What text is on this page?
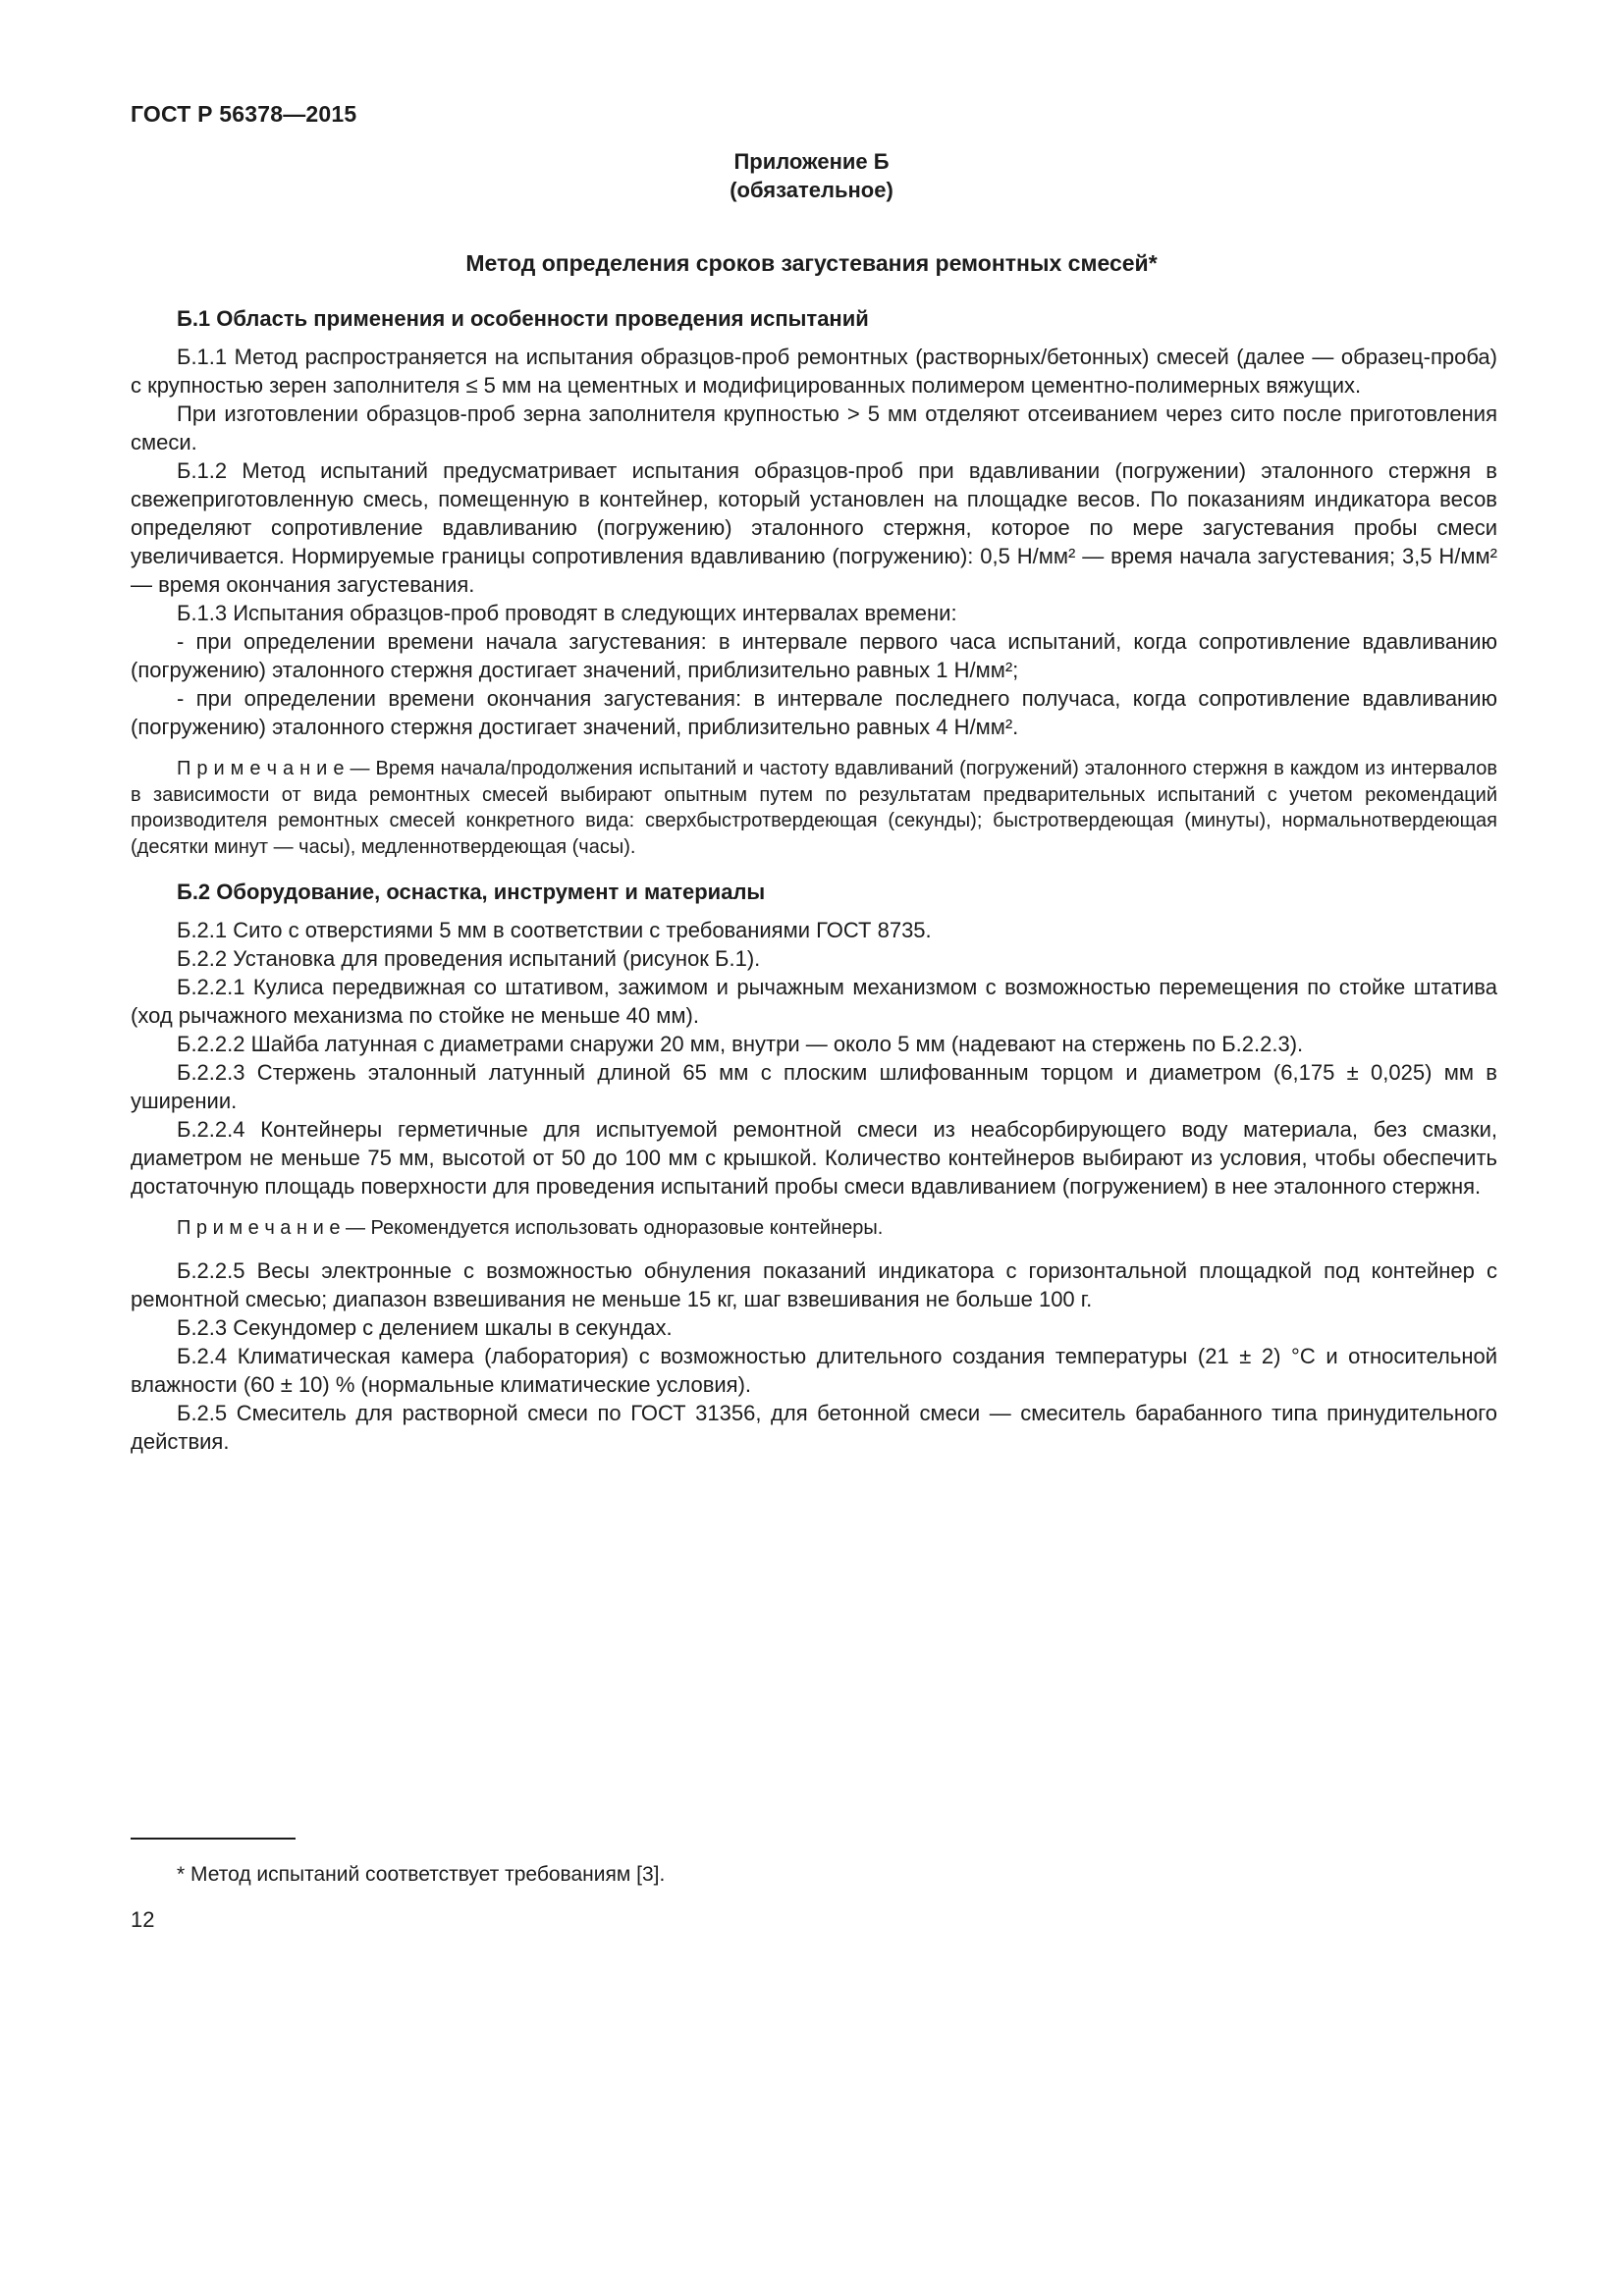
ГОСТ Р 56378—2015
Приложение Б
(обязательное)
Метод определения сроков загустевания ремонтных смесей*

Б.1 Область применения и особенности проведения испытаний

Б.1.1 Метод распространяется на испытания образцов-проб ремонтных (растворных/бетонных) смесей (далее — образец-проба) с крупностью зерен заполнителя ≤ 5 мм на цементных и модифицированных полимером цементно-полимерных вяжущих.

При изготовлении образцов-проб зерна заполнителя крупностью > 5 мм отделяют отсеиванием через сито после приготовления смеси.

Б.1.2 Метод испытаний предусматривает испытания образцов-проб при вдавливании (погружении) эталонного стержня в свежеприготовленную смесь, помещенную в контейнер, который установлен на площадке весов. По показаниям индикатора весов определяют сопротивление вдавливанию (погружению) эталонного стержня, которое по мере загустевания пробы смеси увеличивается. Нормируемые границы сопротивления вдавливанию (погружению): 0,5 Н/мм² — время начала загустевания; 3,5 Н/мм² — время окончания загустевания.

Б.1.3 Испытания образцов-проб проводят в следующих интервалах времени:

- при определении времени начала загустевания: в интервале первого часа испытаний, когда сопротивление вдавливанию (погружению) эталонного стержня достигает значений, приблизительно равных 1 Н/мм²;

- при определении времени окончания загустевания: в интервале последнего получаса, когда сопротивление вдавливанию (погружению) эталонного стержня достигает значений, приблизительно равных 4 Н/мм².

П р и м е ч а н и е — Время начала/продолжения испытаний и частоту вдавливаний (погружений) эталонного стержня в каждом из интервалов в зависимости от вида ремонтных смесей выбирают опытным путем по результатам предварительных испытаний с учетом рекомендаций производителя ремонтных смесей конкретного вида: сверхбыстротвердеющая (секунды); быстротвердеющая (минуты), нормальнотвердеющая (десятки минут — часы), медленнотвердеющая (часы).

Б.2 Оборудование, оснастка, инструмент и материалы

Б.2.1 Сито с отверстиями 5 мм в соответствии с требованиями ГОСТ 8735.

Б.2.2 Установка для проведения испытаний (рисунок Б.1).

Б.2.2.1 Кулиса передвижная со штативом, зажимом и рычажным механизмом с возможностью перемещения по стойке штатива (ход рычажного механизма по стойке не меньше 40 мм).

Б.2.2.2 Шайба латунная с диаметрами снаружи 20 мм, внутри — около 5 мм (надевают на стержень по Б.2.2.3).

Б.2.2.3 Стержень эталонный латунный длиной 65 мм с плоским шлифованным торцом и диаметром (6,175 ± 0,025) мм в уширении.

Б.2.2.4 Контейнеры герметичные для испытуемой ремонтной смеси из неабсорбирующего воду материала, без смазки, диаметром не меньше 75 мм, высотой от 50 до 100 мм с крышкой. Количество контейнеров выбирают из условия, чтобы обеспечить достаточную площадь поверхности для проведения испытаний пробы смеси вдавливанием (погружением) в нее эталонного стержня.

П р и м е ч а н и е — Рекомендуется использовать одноразовые контейнеры.

Б.2.2.5 Весы электронные с возможностью обнуления показаний индикатора с горизонтальной площадкой под контейнер с ремонтной смесью; диапазон взвешивания не меньше 15 кг, шаг взвешивания не больше 100 г.

Б.2.3 Секундомер с делением шкалы в секундах.

Б.2.4 Климатическая камера (лаборатория) с возможностью длительного создания температуры (21 ± 2) °С и относительной влажности (60 ± 10) % (нормальные климатические условия).

Б.2.5 Смеситель для растворной смеси по ГОСТ 31356, для бетонной смеси — смеситель барабанного типа принудительного действия.

* Метод испытаний соответствует требованиям [3].

12
